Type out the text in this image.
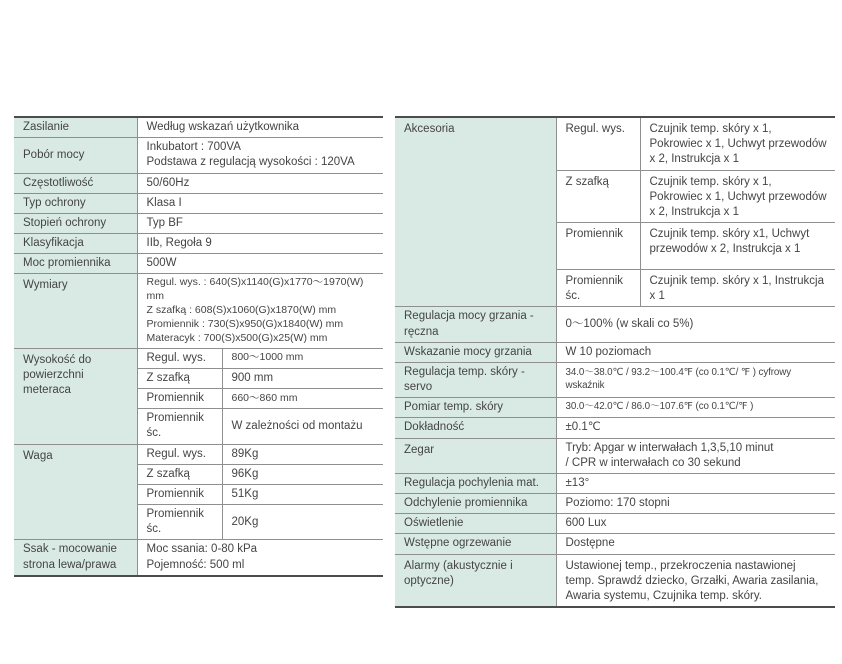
Zasilanie	Według wskazań użytkownika	
Pobór mocy	Inkubatort : 700VA
Podstawa z regulacją wysokości : 120VA	

Częstotliwość	50/60Hz	
Typ ochrony	Klasa I	
Stopień ochrony	Typ BF	
Klasyfikacja	IIb, Regoła 9	
Moc promiennika	500W	
Wymiary	Regul. wys. : 640(S)x1140(G)x1770〜1970(W) mm
Z szafką : 608(S)x1060(G)x1870(W) mm
Promiennik : 730(S)x950(G)x1840(W) mm
Materacyk : 700(S)x500(G)x25(W) mm	

Wysokość do powierzchni meteraca	Regul. wys.	800〜1000 mm
	Z szafką	900 mm
	Promiennik	660〜860 mm
	Promiennik śc.	W zależności od montażu
Waga	Regul. wys.	89Kg
	Z szafką	96Kg
	Promiennik	51Kg
	Promiennik śc.	20Kg
Ssak - mocowanie strona lewa/prawa	Moc ssania: 0-80 kPa
Pojemność: 500 ml	
Akcesoria	Regul. wys.	Czujnik temp. skóry x 1, Pokrowiec x 1, Uchwyt przewodów x 2, Instrukcja x 1
	Z szafką	Czujnik temp. skóry x 1, Pokrowiec x 1, Uchwyt przewodów x 2, Instrukcja x 1
	Promiennik	Czujnik temp. skóry x1, Uchwyt przewodów x 2, Instrukcja x 1
	Promiennik śc.	Czujnik temp. skóry x 1, Instrukcja x 1
Regulacja mocy grzania - ręczna	0〜100% (w skali co 5%)	
Wskazanie mocy grzania	W 10 poziomach	
Regulacja temp. skóry - servo	34.0〜38.0℃ / 93.2〜100.4℉ (co 0.1℃/ ℉ ) cyfrowy wskaźnik	
Pomiar temp. skóry	30.0〜42.0℃ / 86.0〜107.6℉ (co 0.1℃/℉ )	
Dokładność	±0.1℃	
Zegar	Tryb: Apgar w interwałach 1,3,5,10 minut
/ CPR w interwałach co 30 sekund	

Regulacja pochylenia mat.	±13°	
Odchylenie promiennika	Poziomo: 170 stopni	
Oświetlenie	600 Lux	
Wstępne ogrzewanie	Dostępne	
Alarmy (akustycznie i optyczne)	Ustawionej temp., przekroczenia nastawionej temp. Sprawdź dziecko, Grzałki, Awaria zasilania, Awaria systemu, Czujnika temp. skóry.	
